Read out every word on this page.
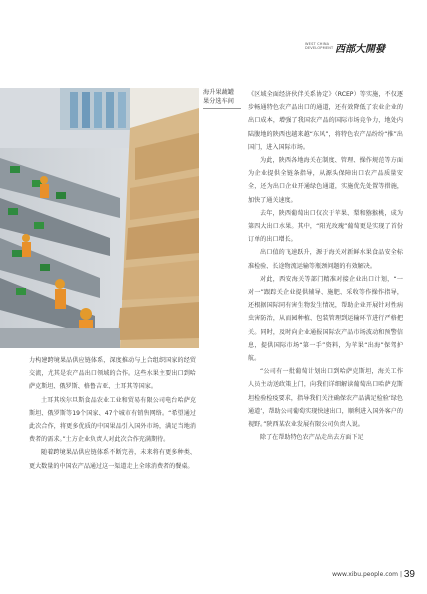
WEST CHINA
DEVELOPMENT 西部大開發
海升果蔬罐
果分选车间

力构建跨境果品供应链体系，深度推动与上合组织国家的经贸交流，尤其是农产品出口领域的合作。这些水果主要出口到哈萨克斯坦、俄罗斯、格鲁吉亚、土耳其等国家。

土耳其埃尔旦斯食品农业工业和贸易有限公司电台哈萨克斯坦、俄罗斯等19个国家、47个城市有销售网络。“希望通过此次合作，将更多优质的中国果品引入国外市场，满足当地消费者的需求。”土方企业负责人对此次合作充满期待。

随着跨境果品供应链体系不断完善，未来将有更多种类、更大数量的中国农产品通过这一渠道走上全球消费者的餐桌。

《区域全面经济伙伴关系协定》（RCEP）等实施，不仅逐步畅通特色农产品出口的通道，还有效降低了农业企业的出口成本，增强了我国农产品的国际市场竞争力，地处内陆腹地的陕西也越来越“东风”，将特色农产品纷纷“推”出国门，进入国际市场。

为此，陕西各地海关在制度、管理、操作规范等方面为企业提供全链条指导，从源头保障出口农产品质量安全，还为出口企业开通绿色通道，实施优先处置等措施，加快了通关速度。

去年，陕西葡萄出口仅次于苹果、梨和猕猴桃，成为第四大出口水果。其中，“阳光玫瑰”葡萄更是实现了首份订单的出口增长。

出口值的飞速跃升，源于海关对新鲜水果食品安全标准检验、长途物流运输等瓶颈问题的有效解决。

对此，西安海关等部门精准对接企业出口计划，“一对一”跟踪关企业提供辅导、施肥、采收等作操作指导，还根据国际同有害生物发生情况，帮助企业开展针对性病虫害防治，从而园种植、包装管理到运输环节进行严格把关。同时，及时向企业通报国际农产品市场波动和预警信息，提供国际市场“第一手”资料，为苹果“出海”保驾护航。

“公司有一批葡萄计划出口到哈萨克斯坦，海关工作人员主动送政策上门，向我们详细解读葡萄出口哈萨克斯坦检验检疫要求，指导我们关注确保农产品满足检验‘绿色通道’，帮助公司葡萄实现快速出口，顺利进入国外客户的视野。”陕西某农业发展有限公司负责人说。

除了在帮助特色农产品走出去方面下足

www.xibu.people.com | 39
